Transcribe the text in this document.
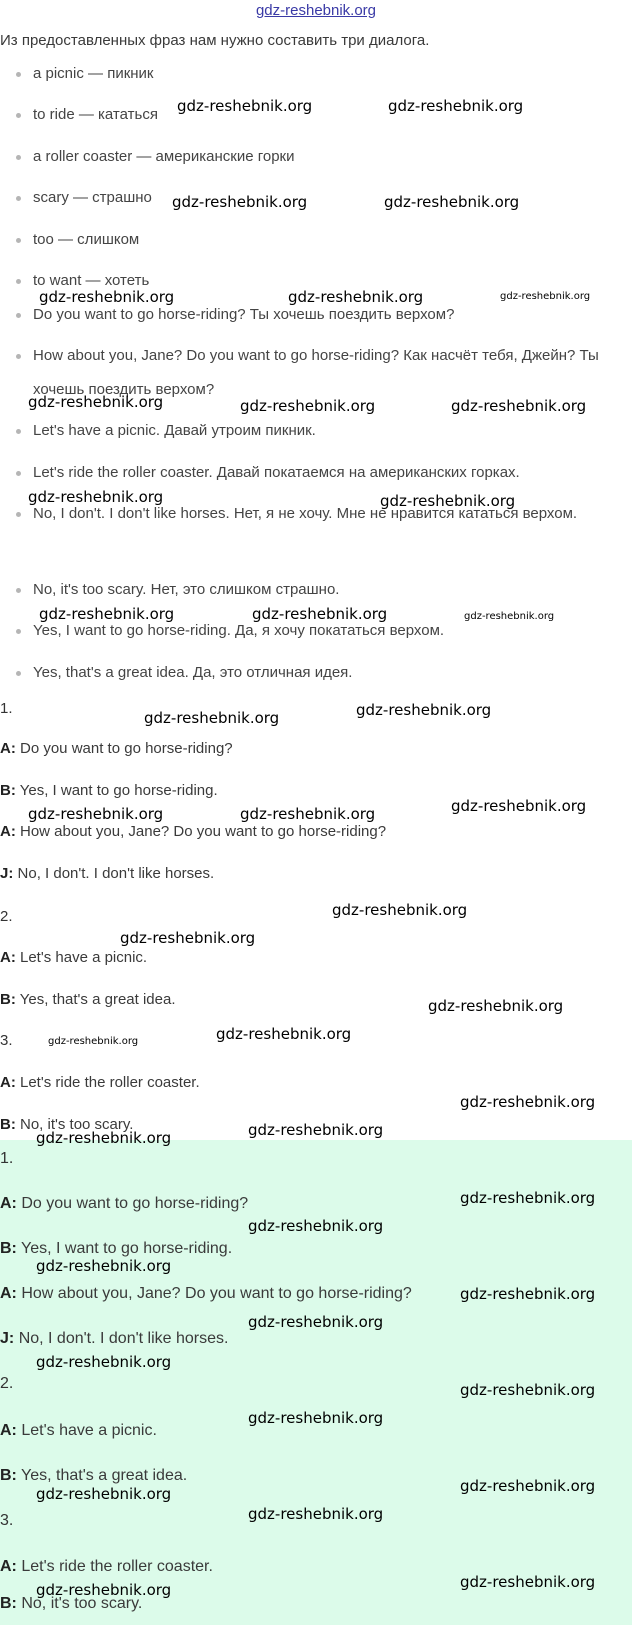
gdz-reshebnik.org

Из предоставленных фраз нам нужно составить три диалога.

a picnic — пикник
to ride — кататься
a roller coaster — американские горки
scary — страшно
too — слишком
to want — хотеть
Do you want to go horse-riding? Ты хочешь поездить верхом?
How about you, Jane? Do you want to go horse-riding? Как насчёт тебя, Джейн? Ты хочешь поездить верхом?
Let's have a picnic. Давай утроим пикник.
Let's ride the roller coaster. Давай покатаемся на американских горках.
No, I don't. I don't like horses. Нет, я не хочу. Мне не нравится кататься верхом.
No, it's too scary. Нет, это слишком страшно.
Yes, I want to go horse-riding. Да, я хочу покататься верхом.
Yes, that's a great idea. Да, это отличная идея.
1.
A: Do you want to go horse-riding?
B: Yes, I want to go horse-riding.
A: How about you, Jane? Do you want to go horse-riding?
J: No, I don't. I don't like horses.
2.
A: Let's have a picnic.
B: Yes, that's a great idea.
3.
A: Let's ride the roller coaster.
B: No, it's too scary.
1.
A: Do you want to go horse-riding?
B: Yes, I want to go horse-riding.
A: How about you, Jane? Do you want to go horse-riding?
J: No, I don't. I don't like horses.
2.
A: Let's have a picnic.
B: Yes, that's a great idea.
3.
A: Let's ride the roller coaster.
B: No, it's too scary.
gdz-reshebnik.org	gdz-reshebnik.org
gdz-reshebnik.org	gdz-reshebnik.org
gdz-reshebnik.org	gdz-reshebnik.org	gdz-reshebnik.org
gdz-reshebnik.org	gdz-reshebnik.org	gdz-reshebnik.org
gdz-reshebnik.org	gdz-reshebnik.org
gdz-reshebnik.org	gdz-reshebnik.org	gdz-reshebnik.org
gdz-reshebnik.org	gdz-reshebnik.org
gdz-reshebnik.org	gdz-reshebnik.org	gdz-reshebnik.org
gdz-reshebnik.org
gdz-reshebnik.org
gdz-reshebnik.org
gdz-reshebnik.org	gdz-reshebnik.org
gdz-reshebnik.org
gdz-reshebnik.org	gdz-reshebnik.org
gdz-reshebnik.org
gdz-reshebnik.org
gdz-reshebnik.org
gdz-reshebnik.org
gdz-reshebnik.org
gdz-reshebnik.org
gdz-reshebnik.org
gdz-reshebnik.org
gdz-reshebnik.org	gdz-reshebnik.org
gdz-reshebnik.org
gdz-reshebnik.org	gdz-reshebnik.org
